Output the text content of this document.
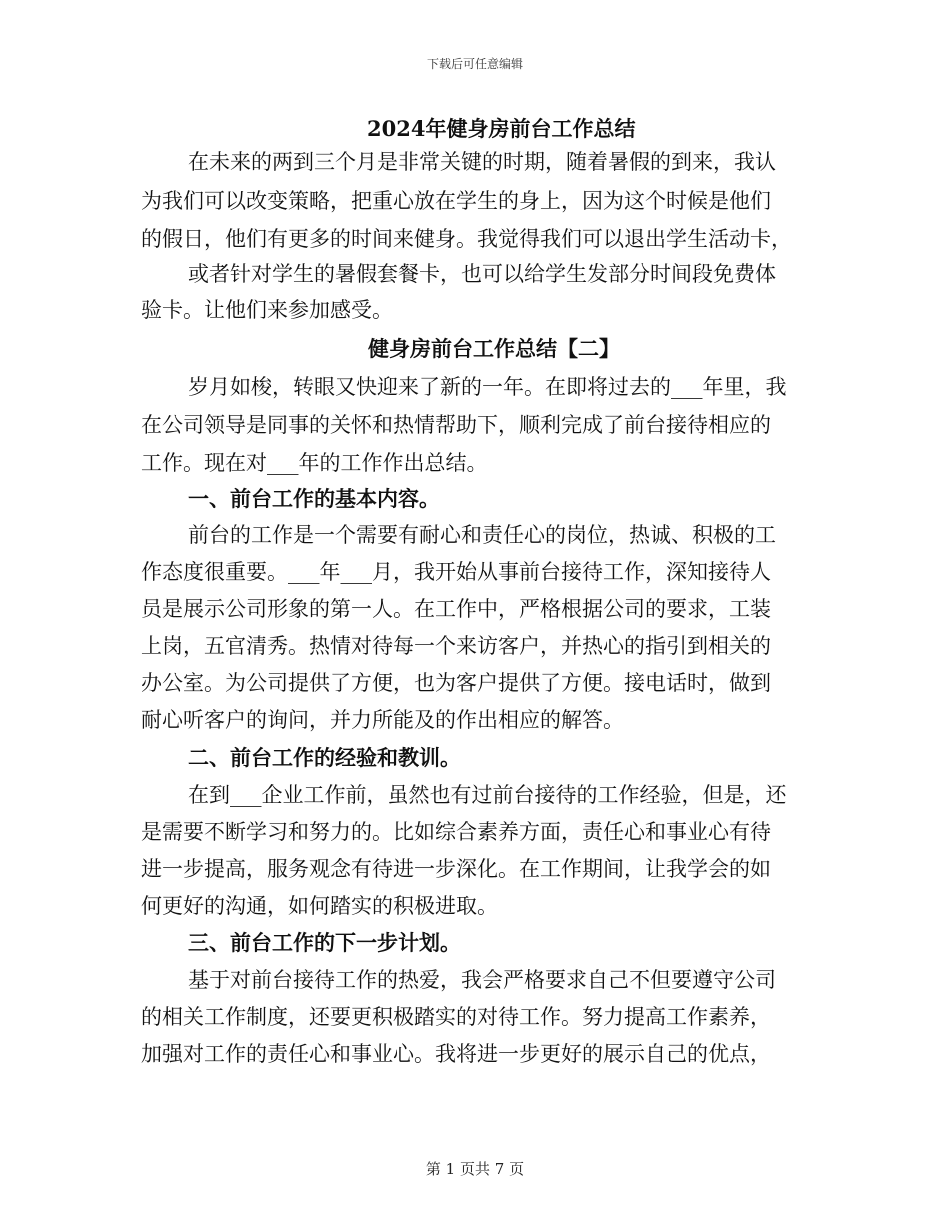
下载后可任意编辑
2024年健身房前台工作总结
在未来的两到三个月是非常关键的时期，随着暑假的到来，我认
为我们可以改变策略，把重心放在学生的身上，因为这个时候是他们
的假日，他们有更多的时间来健身。我觉得我们可以退出学生活动卡，
或者针对学生的暑假套餐卡，也可以给学生发部分时间段免费体
验卡。让他们来参加感受。
健身房前台工作总结【二】
岁月如梭，转眼又快迎来了新的一年。在即将过去的___年里，我
在公司领导是同事的关怀和热情帮助下，顺利完成了前台接待相应的
工作。现在对___年的工作作出总结。
一、前台工作的基本内容。
前台的工作是一个需要有耐心和责任心的岗位，热诚、积极的工
作态度很重要。___年___月，我开始从事前台接待工作，深知接待人
员是展示公司形象的第一人。在工作中，严格根据公司的要求，工装
上岗，五官清秀。热情对待每一个来访客户，并热心的指引到相关的
办公室。为公司提供了方便，也为客户提供了方便。接电话时，做到
耐心听客户的询问，并力所能及的作出相应的解答。
二、前台工作的经验和教训。
在到___企业工作前，虽然也有过前台接待的工作经验，但是，还
是需要不断学习和努力的。比如综合素养方面，责任心和事业心有待
进一步提高，服务观念有待进一步深化。在工作期间，让我学会的如
何更好的沟通，如何踏实的积极进取。
三、前台工作的下一步计划。
基于对前台接待工作的热爱，我会严格要求自己不但要遵守公司
的相关工作制度，还要更积极踏实的对待工作。努力提高工作素养，
加强对工作的责任心和事业心。我将进一步更好的展示自己的优点，
第 1 页共 7 页
